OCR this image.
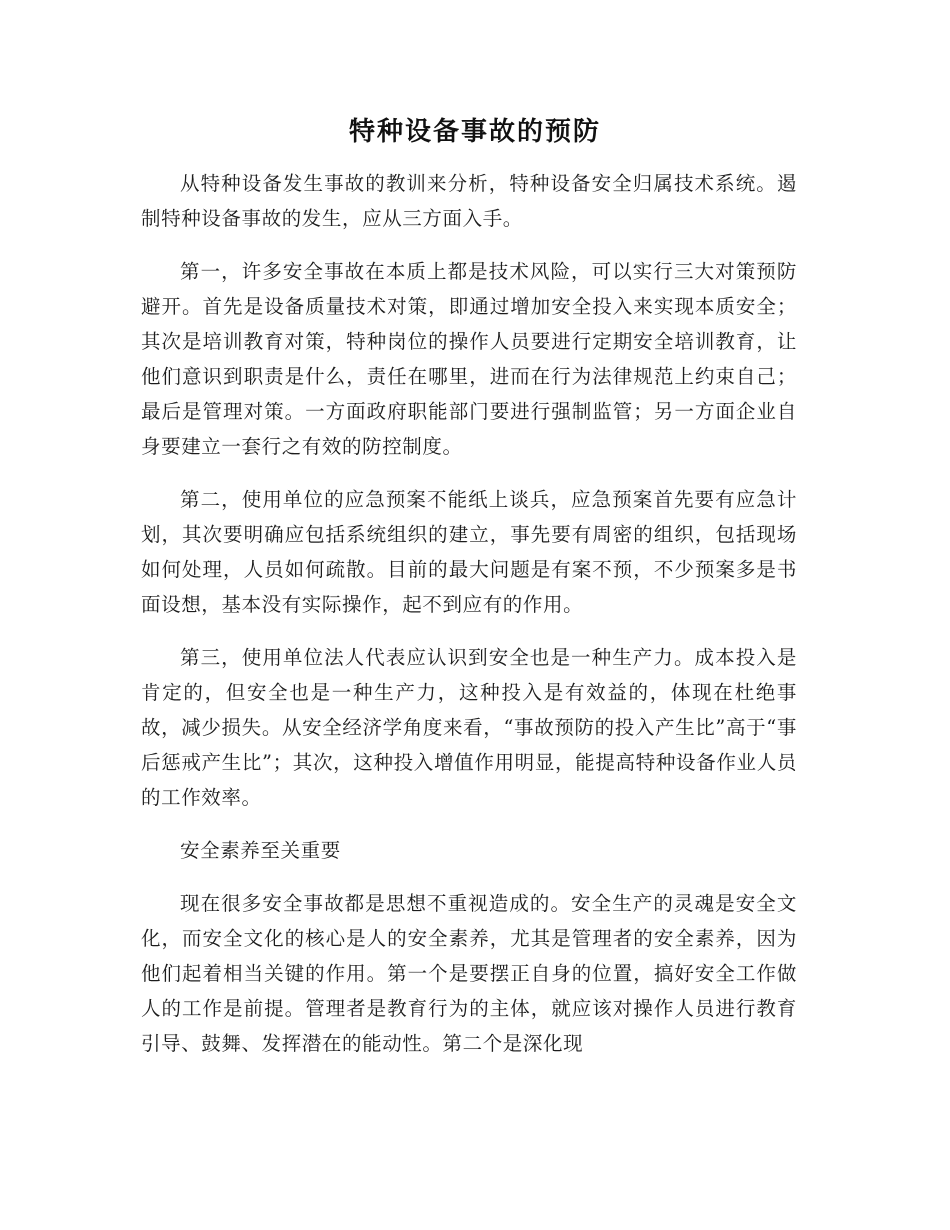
特种设备事故的预防

从特种设备发生事故的教训来分析，特种设备安全归属技术系统。遏制特种设备事故的发生，应从三方面入手。

第一，许多安全事故在本质上都是技术风险，可以实行三大对策预防避开。首先是设备质量技术对策，即通过增加安全投入来实现本质安全；其次是培训教育对策，特种岗位的操作人员要进行定期安全培训教育，让他们意识到职责是什么，责任在哪里，进而在行为法律规范上约束自己；最后是管理对策。一方面政府职能部门要进行强制监管；另一方面企业自身要建立一套行之有效的防控制度。

第二，使用单位的应急预案不能纸上谈兵，应急预案首先要有应急计划，其次要明确应包括系统组织的建立，事先要有周密的组织，包括现场如何处理，人员如何疏散。目前的最大问题是有案不预，不少预案多是书面设想，基本没有实际操作，起不到应有的作用。

第三，使用单位法人代表应认识到安全也是一种生产力。成本投入是肯定的，但安全也是一种生产力，这种投入是有效益的，体现在杜绝事故，减少损失。从安全经济学角度来看，“事故预防的投入产生比”高于“事后惩戒产生比”；其次，这种投入增值作用明显，能提高特种设备作业人员的工作效率。

安全素养至关重要

现在很多安全事故都是思想不重视造成的。安全生产的灵魂是安全文化，而安全文化的核心是人的安全素养，尤其是管理者的安全素养，因为他们起着相当关键的作用。第一个是要摆正自身的位置，搞好安全工作做人的工作是前提。管理者是教育行为的主体，就应该对操作人员进行教育引导、鼓舞、发挥潜在的能动性。第二个是深化现
